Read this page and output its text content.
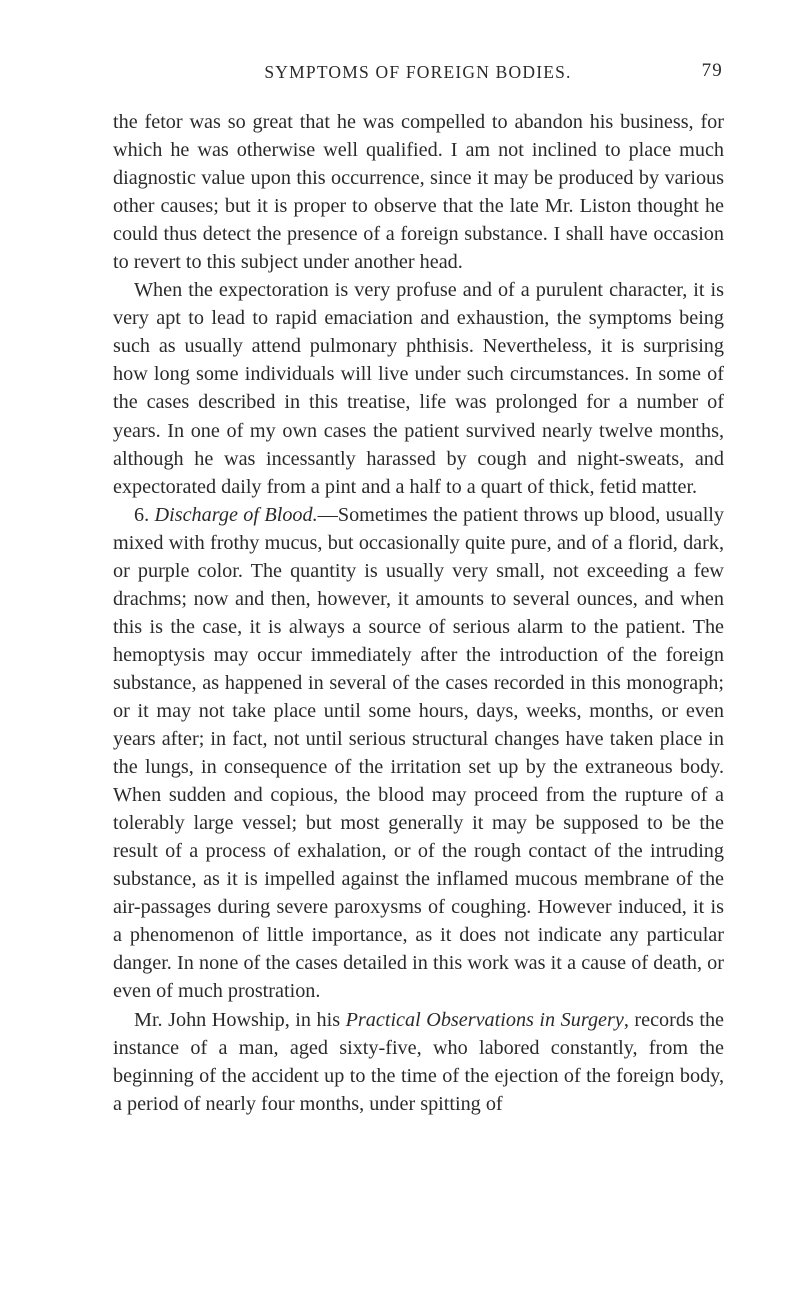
SYMPTOMS OF FOREIGN BODIES.	79

the fetor was so great that he was compelled to abandon his business, for which he was otherwise well qualified. I am not inclined to place much diagnostic value upon this occurrence, since it may be produced by various other causes; but it is proper to observe that the late Mr. Liston thought he could thus detect the presence of a foreign substance. I shall have occasion to revert to this subject under another head.

When the expectoration is very profuse and of a purulent character, it is very apt to lead to rapid emaciation and exhaustion, the symptoms being such as usually attend pulmonary phthisis. Nevertheless, it is surprising how long some individuals will live under such circumstances. In some of the cases described in this treatise, life was prolonged for a number of years. In one of my own cases the patient survived nearly twelve months, although he was incessantly harassed by cough and night-sweats, and expectorated daily from a pint and a half to a quart of thick, fetid matter.

6. Discharge of Blood.—Sometimes the patient throws up blood, usually mixed with frothy mucus, but occasionally quite pure, and of a florid, dark, or purple color. The quantity is usually very small, not exceeding a few drachms; now and then, however, it amounts to several ounces, and when this is the case, it is always a source of serious alarm to the patient. The hemoptysis may occur immediately after the introduction of the foreign substance, as happened in several of the cases recorded in this monograph; or it may not take place until some hours, days, weeks, months, or even years after; in fact, not until serious structural changes have taken place in the lungs, in consequence of the irritation set up by the extraneous body. When sudden and copious, the blood may proceed from the rupture of a tolerably large vessel; but most generally it may be supposed to be the result of a process of exhalation, or of the rough contact of the intruding substance, as it is impelled against the inflamed mucous membrane of the air-passages during severe paroxysms of coughing. However induced, it is a phenomenon of little importance, as it does not indicate any particular danger. In none of the cases detailed in this work was it a cause of death, or even of much prostration.

Mr. John Howship, in his Practical Observations in Surgery, records the instance of a man, aged sixty-five, who labored constantly, from the beginning of the accident up to the time of the ejection of the foreign body, a period of nearly four months, under spitting of
